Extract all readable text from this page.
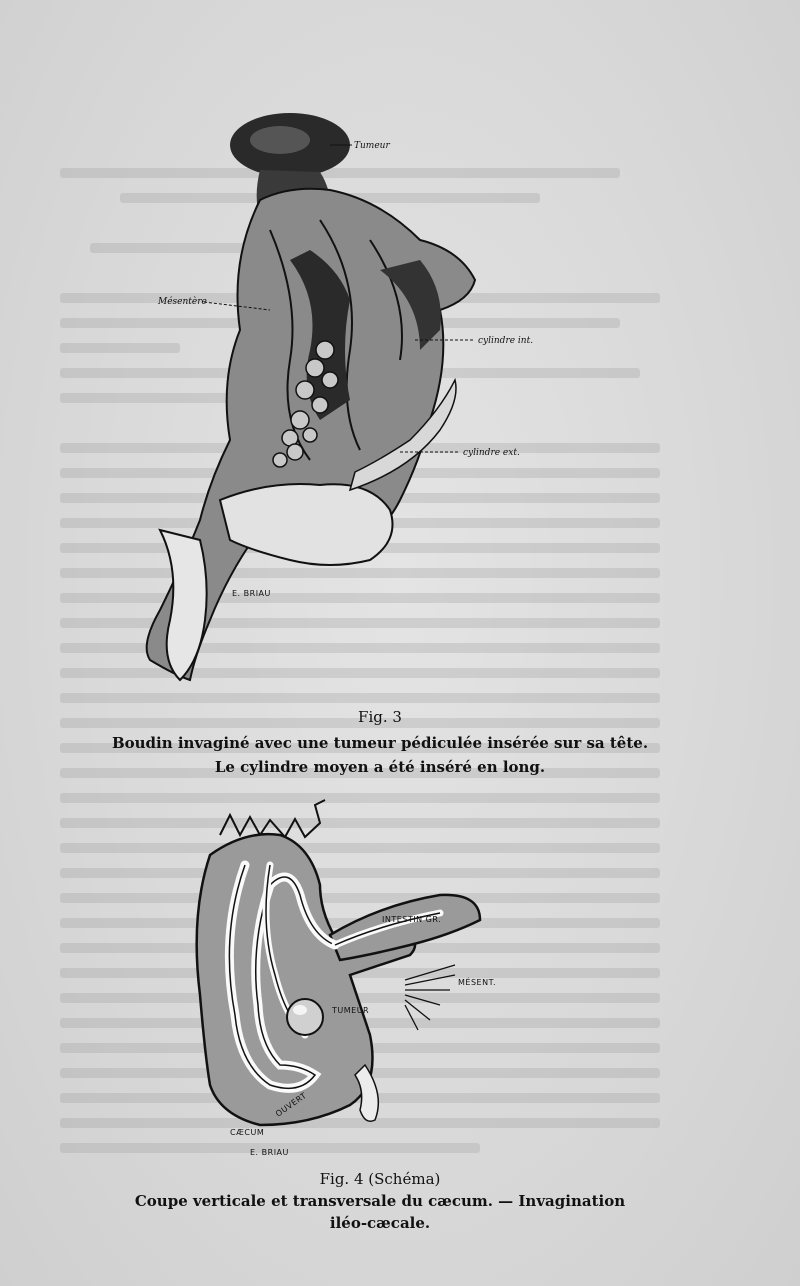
Tumeur
Mésentère
cylindre int.
cylindre ext.
E. BRIAU
Fig. 3
Boudin invaginé avec une tumeur pédiculée insérée sur sa tête.
Le cylindre moyen a été inséré en long.
INTESTIN GR.
MÉSENT.
TUMEUR
CÆCUM
OUVERT
E. BRIAU
Fig. 4 (Schéma)
Coupe verticale et transversale du cæcum. — Invagination
iléo-cæcale.
